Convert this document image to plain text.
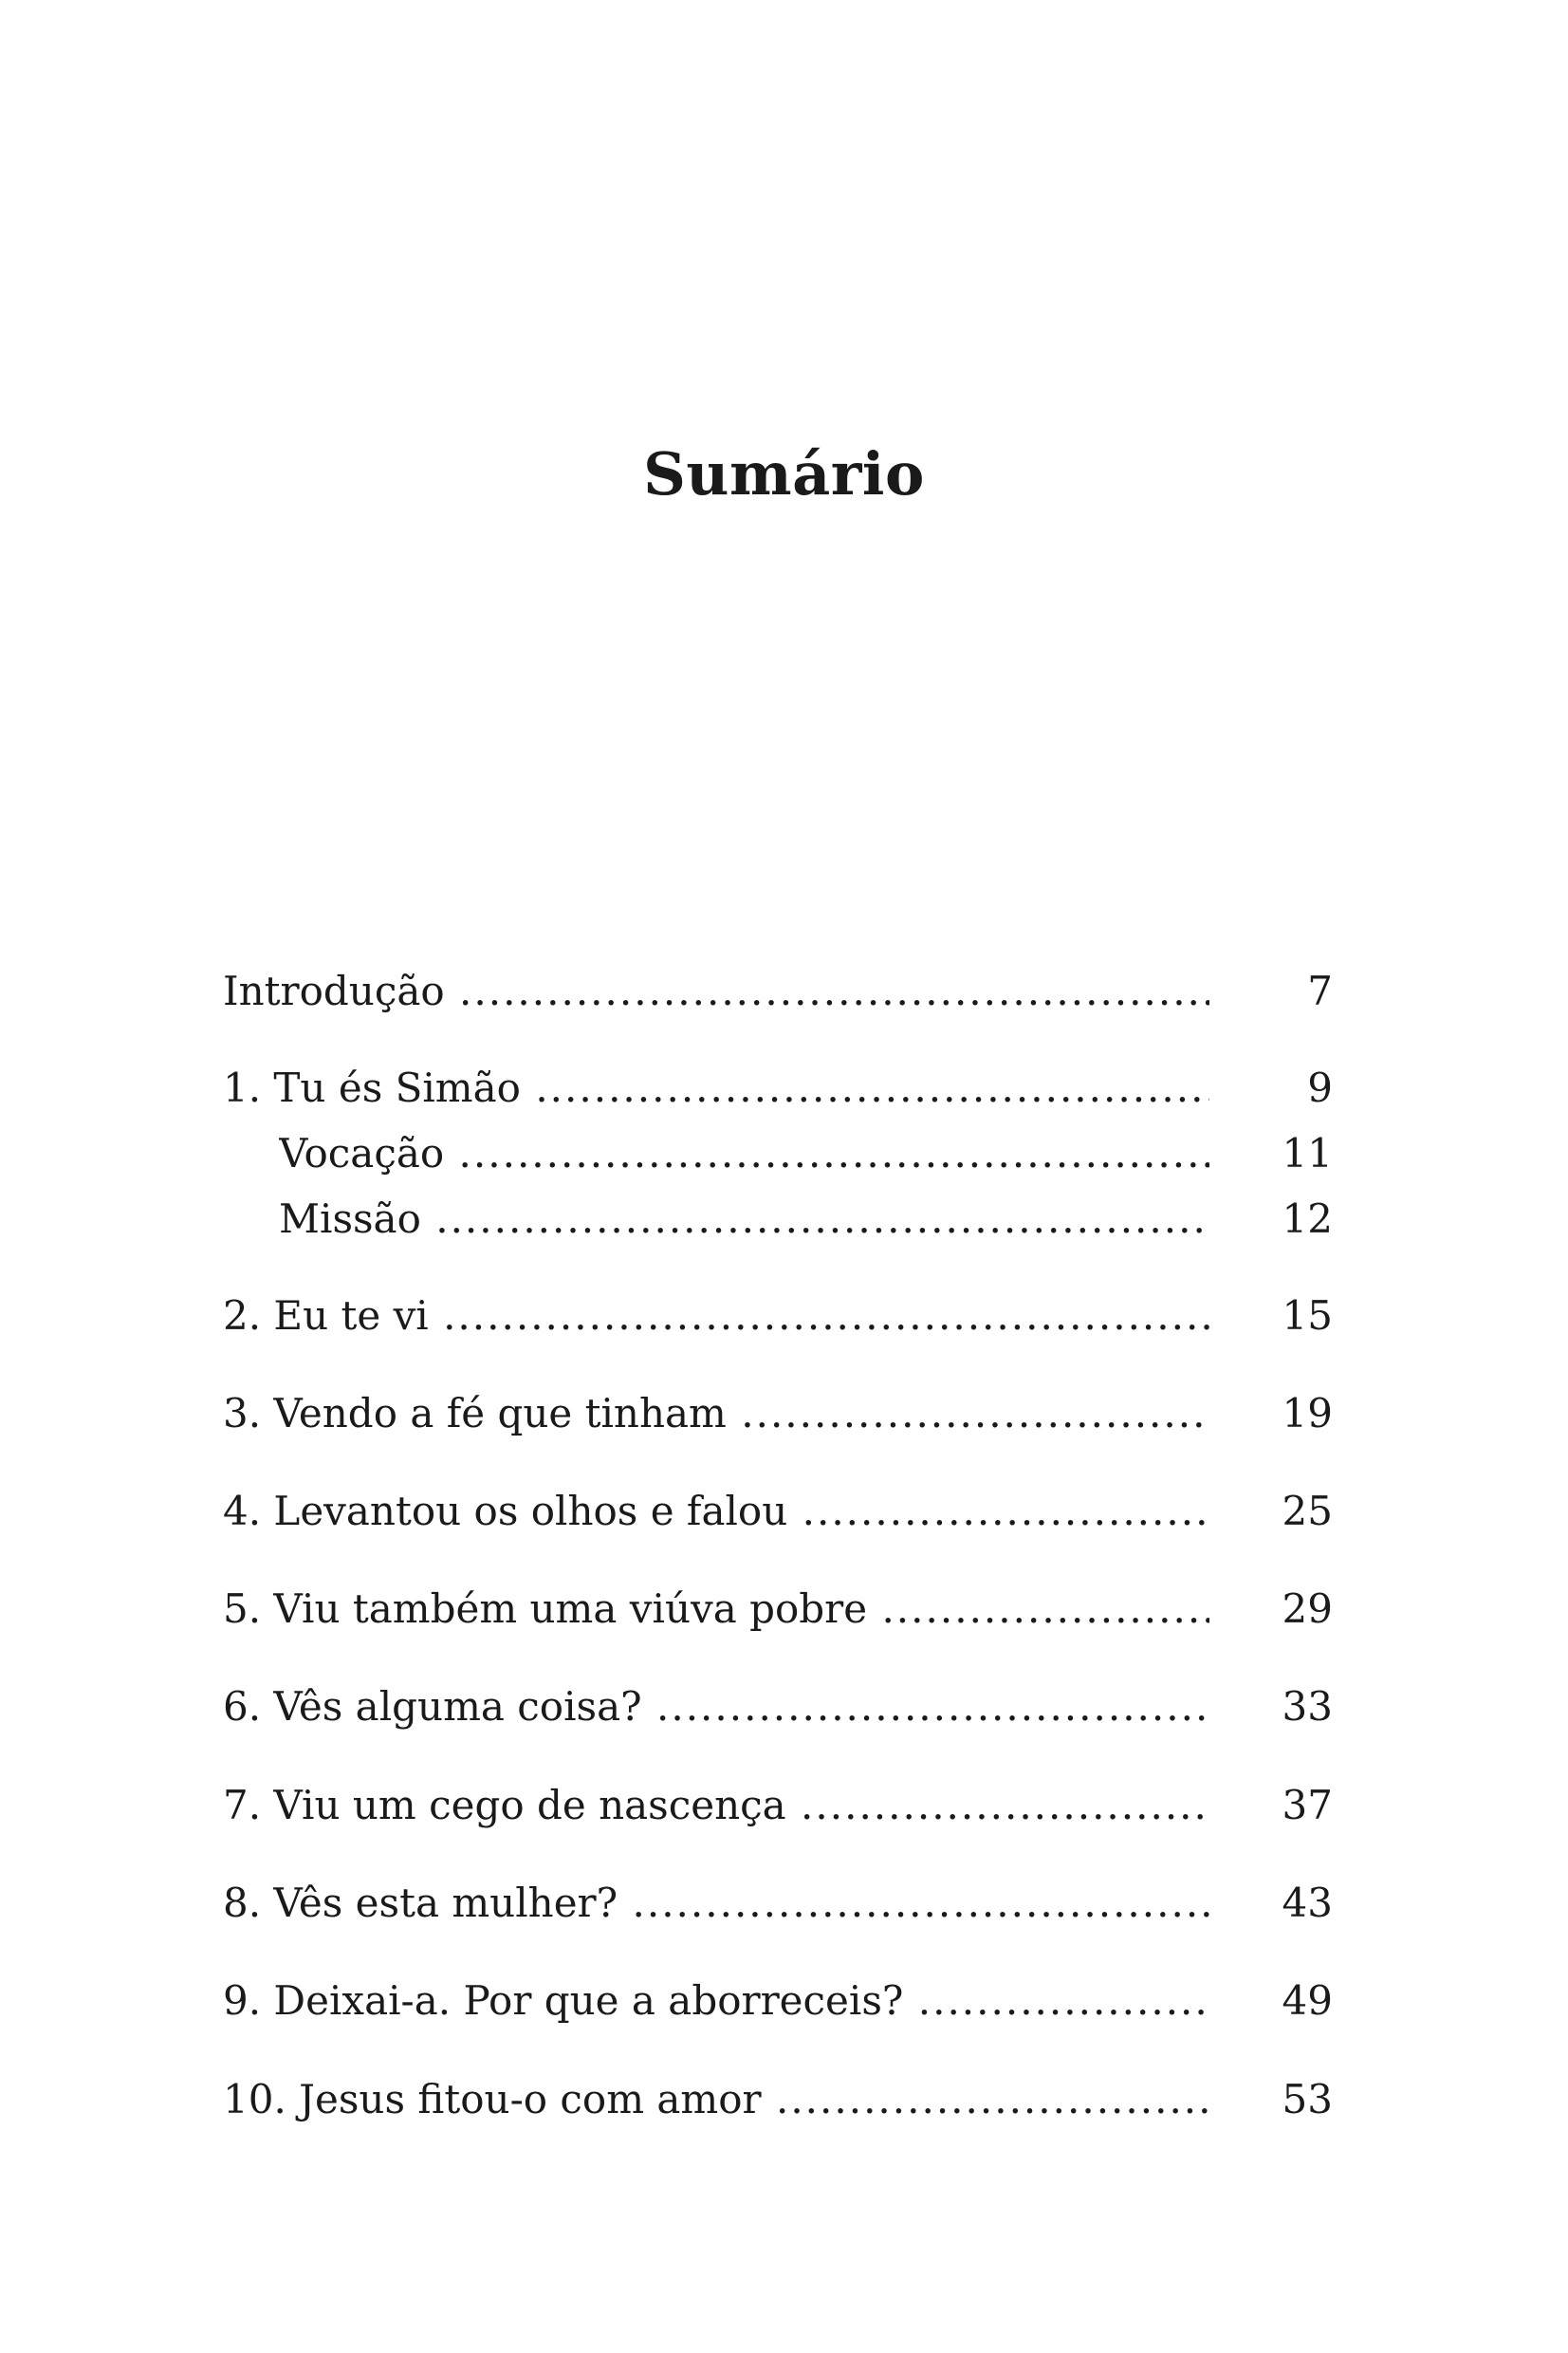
Sumário
Introdução .....	7
1. Tu és Simão .....	9
Vocação .....	11
Missão .....	12
2. Eu te vi .....	15
3. Vendo a fé que tinham .....	19
4. Levantou os olhos e falou .....	25
5. Viu também uma viúva pobre .....	29
6. Vês alguma coisa? .....	33
7. Viu um cego de nascença .....	37
8. Vês esta mulher? .....	43
9. Deixai-a. Por que a aborreceis? .....	49
10. Jesus fitou-o com amor .....	53
